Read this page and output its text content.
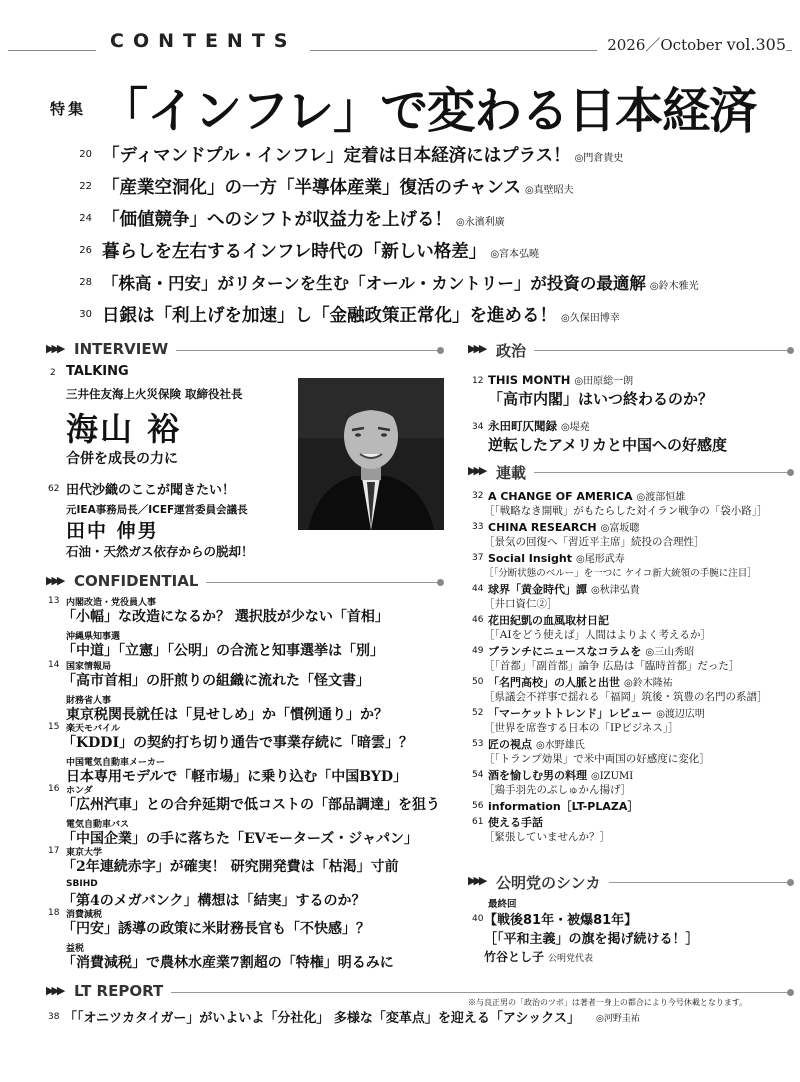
CONTENTS	2026／October vol.305
特集 「インフレ」で変わる日本経済
20 「ディマンドプル・インフレ」定着は日本経済にはプラス！ ◎門倉貴史
22 「産業空洞化」の一方「半導体産業」復活のチャンス ◎真壁昭夫
24 「価値競争」へのシフトが収益力を上げる！ ◎永濱利廣
26 暮らしを左右するインフレ時代の「新しい格差」 ◎宮本弘曉
28 「株高・円安」がリターンを生む「オール・カントリー」が投資の最適解 ◎鈴木雅光
30 日銀は「利上げを加速」し「金融政策正常化」を進める！ ◎久保田博幸
▶▶▶ INTERVIEW
2 TALKING
三井住友海上火災保険 取締役社長
海山 裕
合併を成長の力に
62 田代沙織のここが聞きたい！
元IEA事務局長／ICEF運営委員会議長
田中 伸男
石油・天然ガス依存からの脱却！
▶▶▶ CONFIDENTIAL
13 内閣改造・党役員人事
「小幅」な改造になるか？ 選択肢が少ない「首相」
沖縄県知事選
「中道」「立憲」「公明」の合流と知事選挙は「別」
14 国家情報局
「高市首相」の肝煎りの組織に流れた「怪文書」
財務省人事
東京税関長就任は「見せしめ」か「慣例通り」か？
15 楽天モバイル
「KDDI」の契約打ち切り通告で事業存続に「暗雲」？
中国電気自動車メーカー
日本専用モデルで「軽市場」に乗り込む「中国BYD」
16 ホンダ
「広州汽車」との合弁延期で低コストの「部品調達」を狙う
電気自動車バス
「中国企業」の手に落ちた「EVモーターズ・ジャパン」
17 東京大学
「2年連続赤字」が確実！ 研究開発費は「枯渇」寸前
SBIHD
「第4のメガバンク」構想は「結実」するのか？
18 消費減税
「円安」誘導の政策に米財務長官も「不快感」？
益税
「消費減税」で農林水産業7割超の「特権」明るみに
▶▶▶ LT REPORT
38 「「オニツカタイガー」がいよいよ「分社化」 多様な「変革点」を迎える「アシックス」 ◎河野圭祐
▶▶▶ 政治
12 THIS MONTH ◎田原総一朗
「高市内閣」はいつ終わるのか？
34 永田町仄聞録 ◎堤堯
逆転したアメリカと中国への好感度
▶▶▶ 連載
32 A CHANGE OF AMERICA ◎渡部恒雄
［「戦略なき開戦」がもたらした対イラン戦争の「袋小路」］
33 CHINA RESEARCH ◎富坂聰
［景気の回復へ「習近平主席」続投の合理性］
37 Social Insight ◎尾形武寿
［「分断状態のベルー」を一つに ケイコ新大統領の手腕に注目］
44 球界「黄金時代」譚 ◎秋津弘貴
［井口資仁②］
46 花田紀凱の血風取材日記
［「AIをどう使えば」人間はよりよく考えるか］
49 ブランチにニュースなコラムを ◎三山秀昭
［「首都」「副首都」論争 広島は「臨時首都」だった］
50 「名門高校」の人脈と出世 ◎鈴木隆祐
［県議会不祥事で揺れる「福岡」筑後・筑豊の名門の系譜］
52 「マーケットトレンド」レビュー ◎渡辺広明
［世界を席巻する日本の「IPビジネス」］
53 匠の視点 ◎水野雄氏
［「トランプ効果」で米中両国の好感度に変化］
54 酒を愉しむ男の料理 ◎IZUMI
［鶏手羽先のぶしゅかん揚げ］
56 information［LT-PLAZA］
61 使える手話
［緊張していませんか？］
▶▶▶ 公明党のシンカ
最終回
40 【戦後81年・被爆81年】
［「平和主義」の旗を掲げ続ける！］
竹谷とし子 公明党代表
※与良正男の「政治のツボ」は著者一身上の都合により今号休載となります。
